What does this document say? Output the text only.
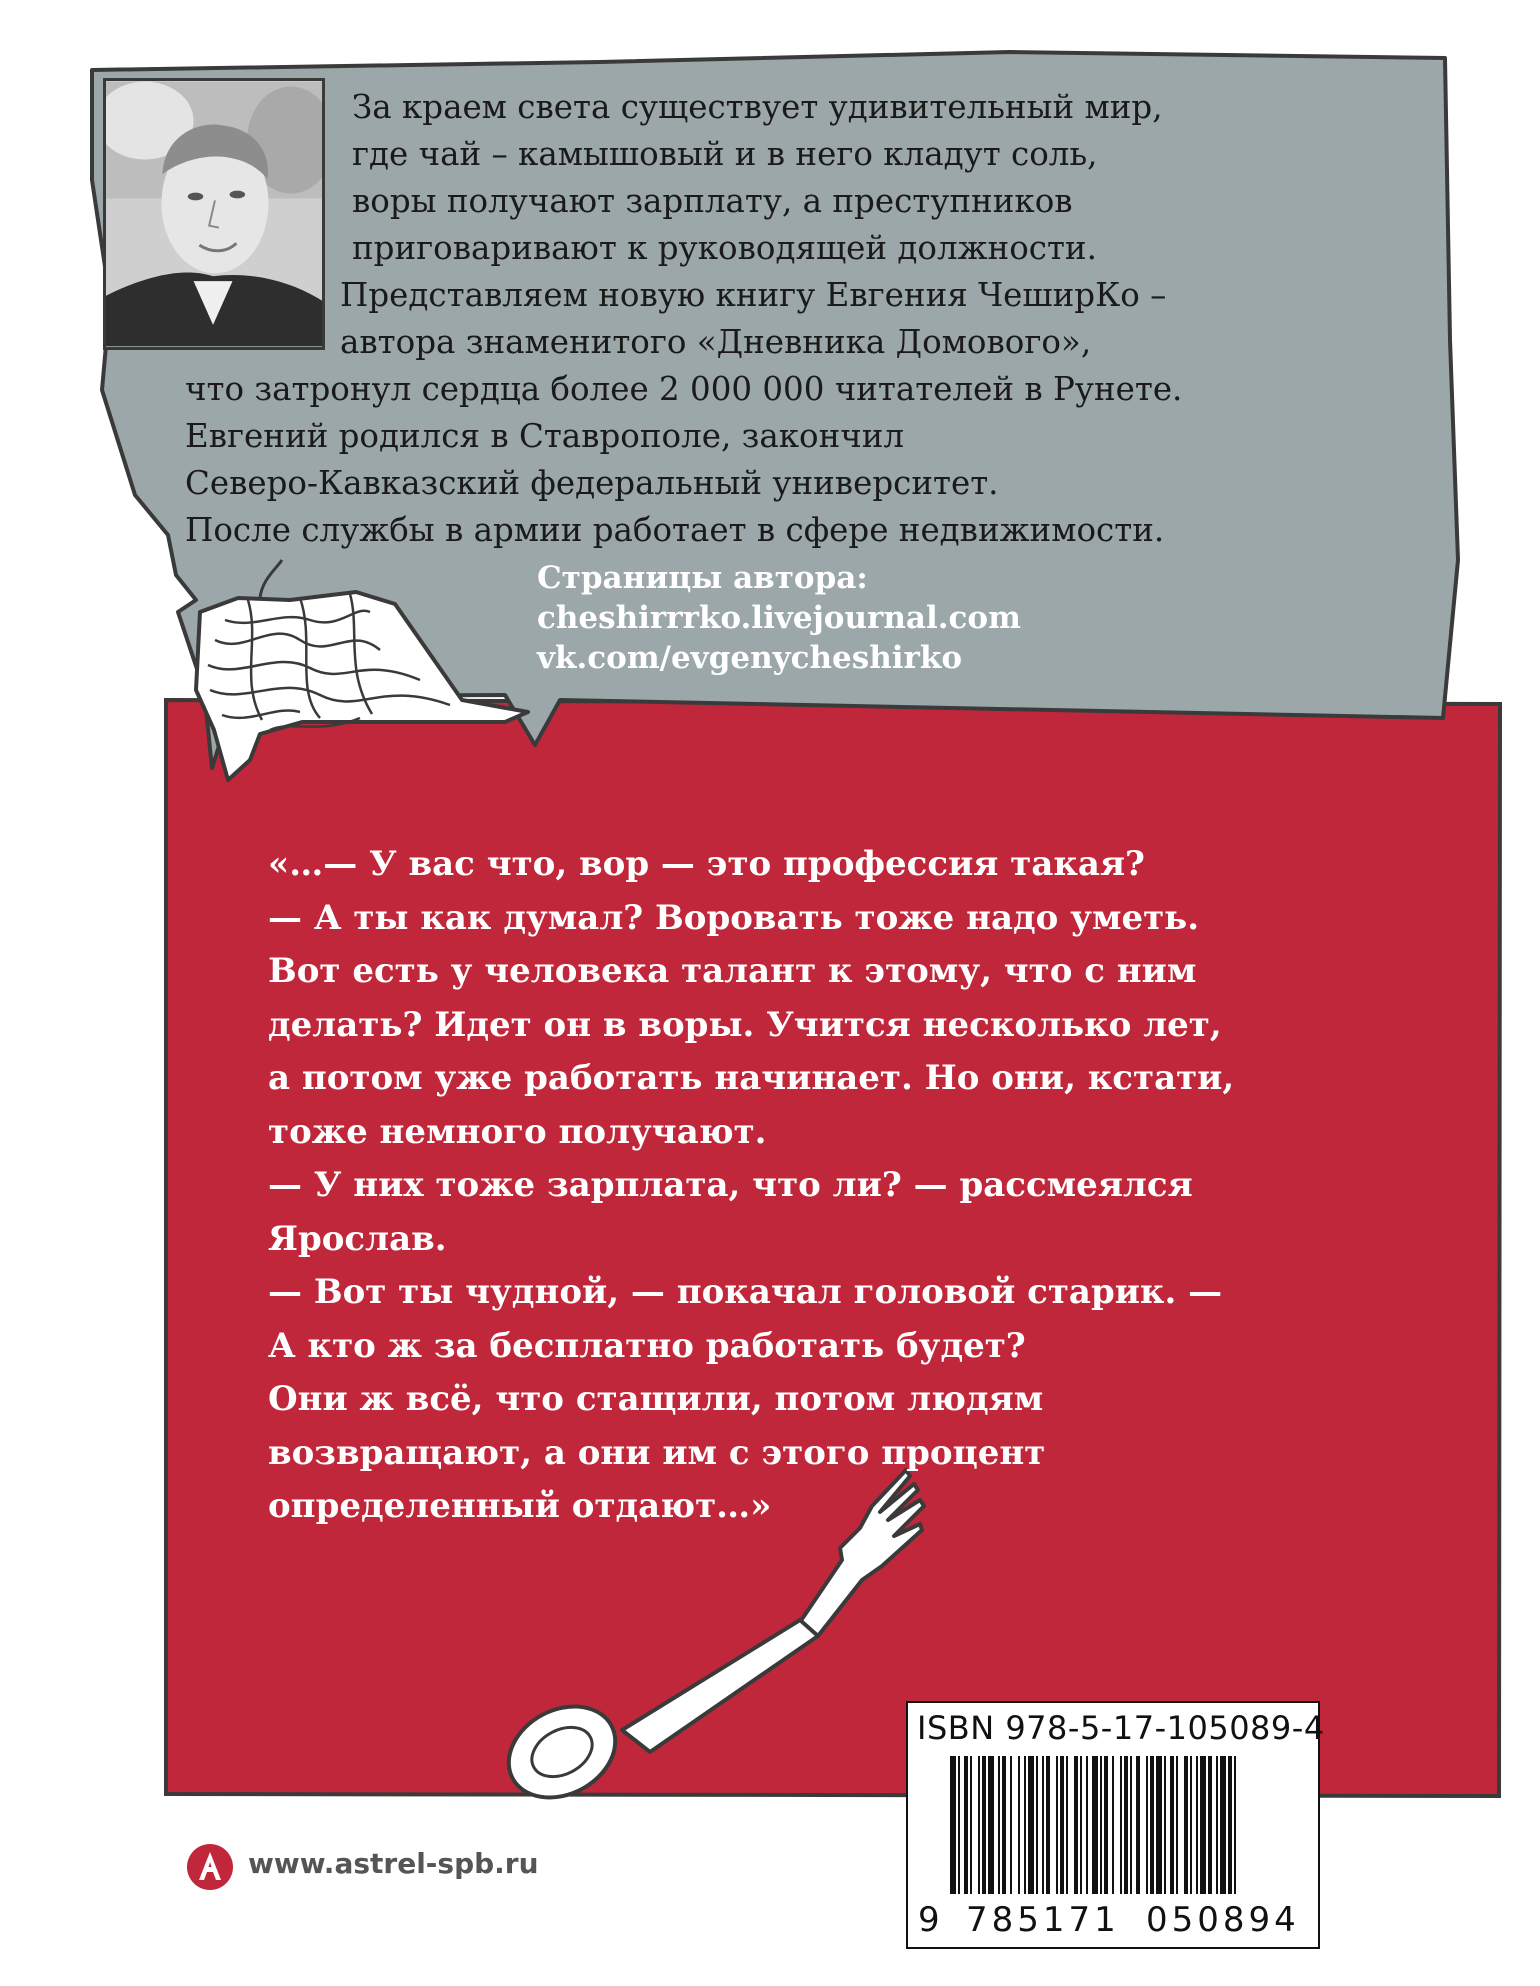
За краем света существует удивительный мир,
где чай – камышовый и в него кладут соль,
воры получают зарплату, а преступников
приговаривают к руководящей должности.
Представляем новую книгу Евгения ЧеширКо –
автора знаменитого «Дневника Домового»,
что затронул сердца более 2 000 000 читателей в Рунете.
Евгений родился в Ставрополе, закончил
Северо-Кавказский федеральный университет.
После службы в армии работает в сфере недвижимости.
Страницы автора:
cheshirrrko.livejournal.com
vk.com/evgenycheshirko
«…— У вас что, вор — это профессия такая?
— А ты как думал? Воровать тоже надо уметь.
Вот есть у человека талант к этому, что с ним
делать? Идет он в воры. Учится несколько лет,
а потом уже работать начинает. Но они, кстати,
тоже немного получают.
— У них тоже зарплата, что ли? — рассмеялся
Ярослав.
— Вот ты чудной, — покачал головой старик. —
А кто ж за бесплатно работать будет?
Они ж всё, что стащили, потом людям
возвращают, а они им с этого процент
определенный отдают…»
ISBN 978-5-17-105089-4
9 785171 050894
www.astrel-spb.ru
